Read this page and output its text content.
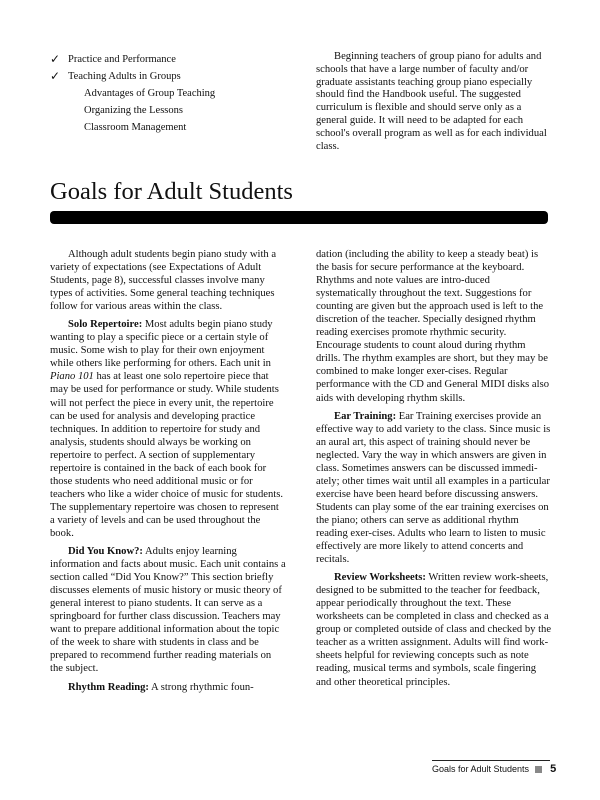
✓ Practice and Performance
✓ Teaching Adults in Groups
Advantages of Group Teaching
Organizing the Lessons
Classroom Management

Beginning teachers of group piano for adults and schools that have a large number of faculty and/or graduate assistants teaching group piano especially should find the Handbook useful. The suggested curriculum is flexible and should serve only as a general guide. It will need to be adapted for each school's overall program as well as for each individual class.

Goals for Adult Students

Although adult students begin piano study with a variety of expectations (see Expectations of Adult Students, page 8), successful classes involve many types of activities. Some general teaching techniques follow for various areas within the class.

Solo Repertoire: Most adults begin piano study wanting to play a specific piece or a certain style of music. Some wish to play for their own enjoyment while others like performing for others. Each unit in Piano 101 has at least one solo repertoire piece that may be used for performance or study. While students will not perfect the piece in every unit, the repertoire can be used for analysis and developing practice techniques. In addition to repertoire for study and analysis, students should always be working on repertoire to perfect. A section of supplementary repertoire is contained in the back of each book for those students who need additional music or for teachers who like a wider choice of music for students. The supplementary repertoire was chosen to represent a variety of levels and can be used throughout the book.

Did You Know?: Adults enjoy learning information and facts about music. Each unit contains a section called “Did You Know?” This section briefly discusses elements of music history or music theory of general interest to piano students. It can serve as a springboard for further class discussion. Teachers may want to prepare additional information about the topic of the week to share with students in class and be prepared to recommend further reading materials on the subject.

Rhythm Reading: A strong rhythmic foun-

dation (including the ability to keep a steady beat) is the basis for secure performance at the keyboard. Rhythms and note values are intro-duced systematically throughout the text. Suggestions for counting are given but the approach used is left to the discretion of the teacher. Specially designed rhythm reading exercises promote rhythmic security. Encourage students to count aloud during rhythm drills. The rhythm examples are short, but they may be combined to make longer exer-cises. Regular performance with the CD and General MIDI disks also aids with developing rhythm skills.

Ear Training: Ear Training exercises provide an effective way to add variety to the class. Since music is an aural art, this aspect of training should never be neglected. Vary the way in which answers are given in class. Sometimes answers can be discussed immedi-ately; other times wait until all examples in a particular exercise have been heard before discussing answers. Students can play some of the ear training exercises on the piano; others can serve as additional rhythm reading exer-cises. Adults who learn to listen to music effectively are more likely to attend concerts and recitals.

Review Worksheets: Written review work-sheets, designed to be submitted to the teacher for feedback, appear periodically throughout the text. These worksheets can be completed in class and checked as a group or completed outside of class and checked by the teacher as a written assignment. Adults will find work-sheets helpful for reviewing concepts such as note reading, musical terms and symbols, scale fingering and other theoretical principles.

Goals for Adult Students 5
